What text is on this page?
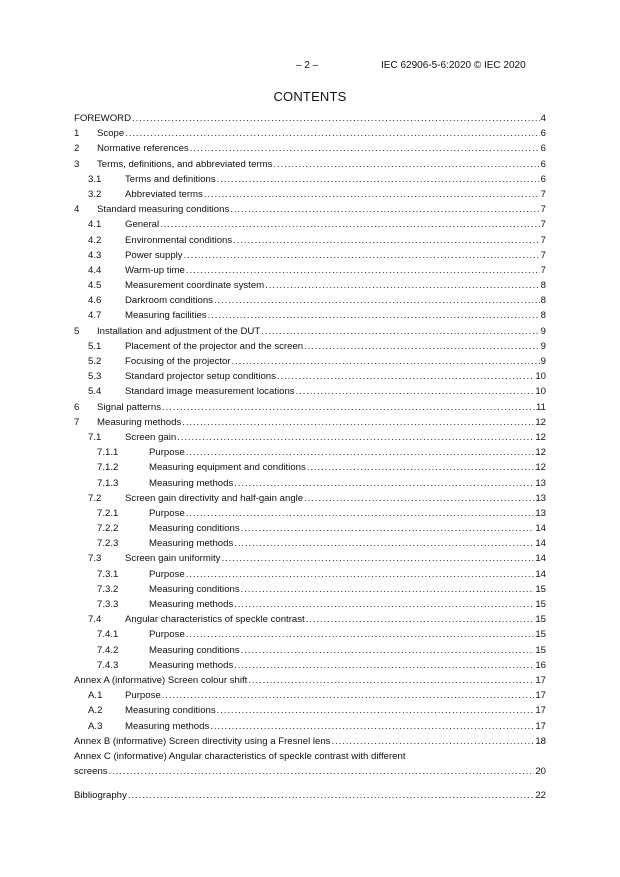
– 2 –	IEC 62906-5-6:2020 © IEC 2020
CONTENTS
FOREWORD .....	4
1	Scope .....	6
2	Normative references .....	6
3	Terms, definitions, and abbreviated terms .....	6
3.1	Terms and definitions .....	6
3.2	Abbreviated terms .....	7
4	Standard measuring conditions .....	7
4.1	General .....	7
4.2	Environmental conditions .....	7
4.3	Power supply .....	7
4.4	Warm-up time .....	7
4.5	Measurement coordinate system .....	8
4.6	Darkroom conditions .....	8
4.7	Measuring facilities .....	8
5	Installation and adjustment of the DUT .....	9
5.1	Placement of the projector and the screen .....	9
5.2	Focusing of the projector .....	9
5.3	Standard projector setup conditions .....	10
5.4	Standard image measurement locations .....	10
6	Signal patterns .....	11
7	Measuring methods .....	12
7.1	Screen gain .....	12
7.1.1	Purpose .....	12
7.1.2	Measuring equipment and conditions .....	12
7.1.3	Measuring methods .....	13
7.2	Screen gain directivity and half-gain angle .....	13
7.2.1	Purpose .....	13
7.2.2	Measuring conditions .....	14
7.2.3	Measuring methods .....	14
7.3	Screen gain uniformity .....	14
7.3.1	Purpose .....	14
7.3.2	Measuring conditions .....	15
7.3.3	Measuring methods .....	15
7.4	Angular characteristics of speckle contrast .....	15
7.4.1	Purpose .....	15
7.4.2	Measuring conditions .....	15
7.4.3	Measuring methods .....	16
Annex A (informative) Screen colour shift .....	17
A.1	Purpose .....	17
A.2	Measuring conditions .....	17
A.3	Measuring methods .....	17
Annex B (informative) Screen directivity using a Fresnel lens .....	18
Annex C (informative) Angular characteristics of speckle contrast with different
screens .....	20
Bibliography .....	22
